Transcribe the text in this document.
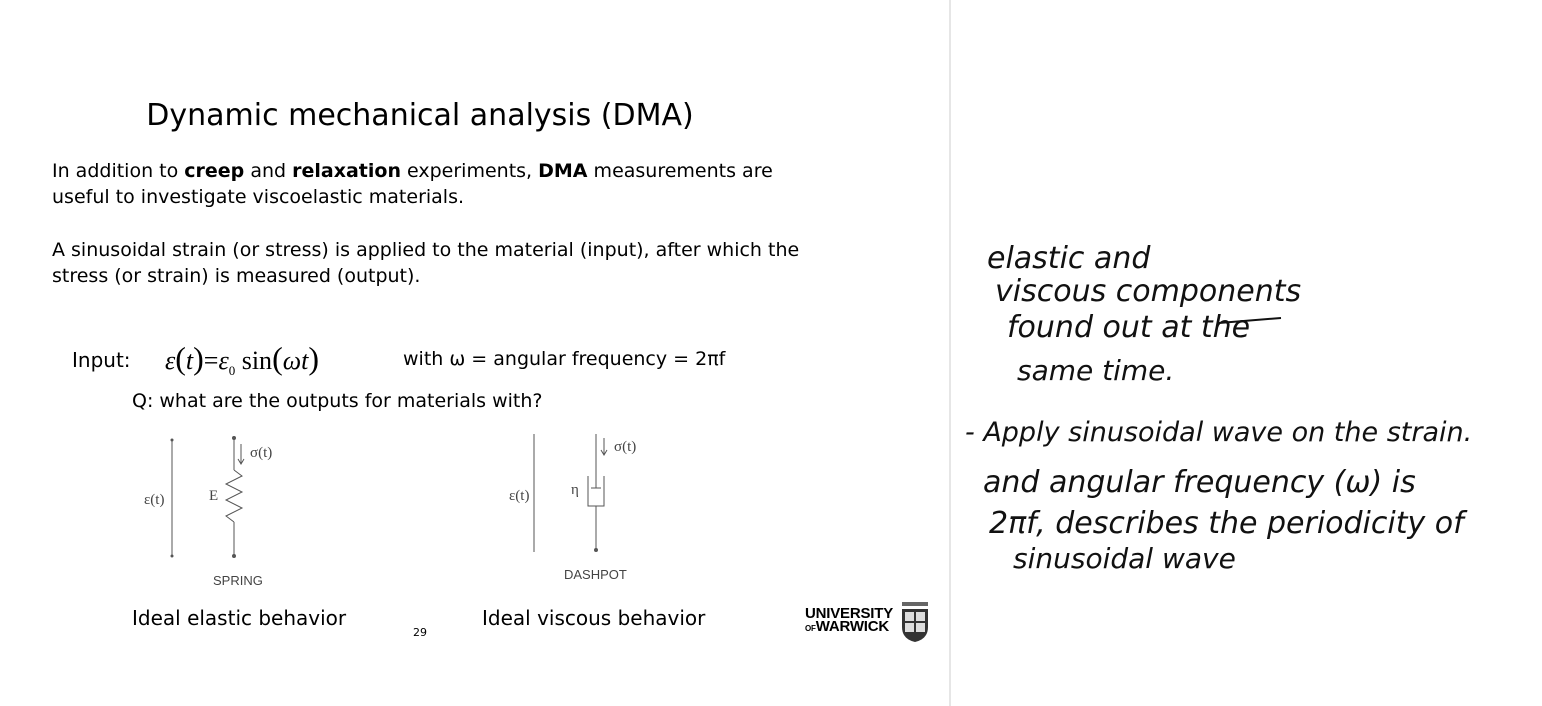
Dynamic mechanical analysis (DMA)
In addition to creep and relaxation experiments, DMA measurements are
useful to investigate viscoelastic materials.
A sinusoidal strain (or stress) is applied to the material (input), after which the
stress (or strain) is measured (output).
Input: $\varepsilon(t)=\varepsilon_0$ sin(ωt)	with ω = angular frequency = 2πf
Q: what are the outputs for materials with?
ε(t)
σ(t)
E
SPRING
ε(t)
σ(t)
η
DASHPOT
Ideal elastic behavior	Ideal viscous behavior
29
UNIVERSITY
OFWARWICK
elastic and
viscous components
found out at the
same time.
- Apply sinusoidal wave on the strain.
and angular frequency (ω) is
2πf, describes the periodicity of
sinusoidal wave
